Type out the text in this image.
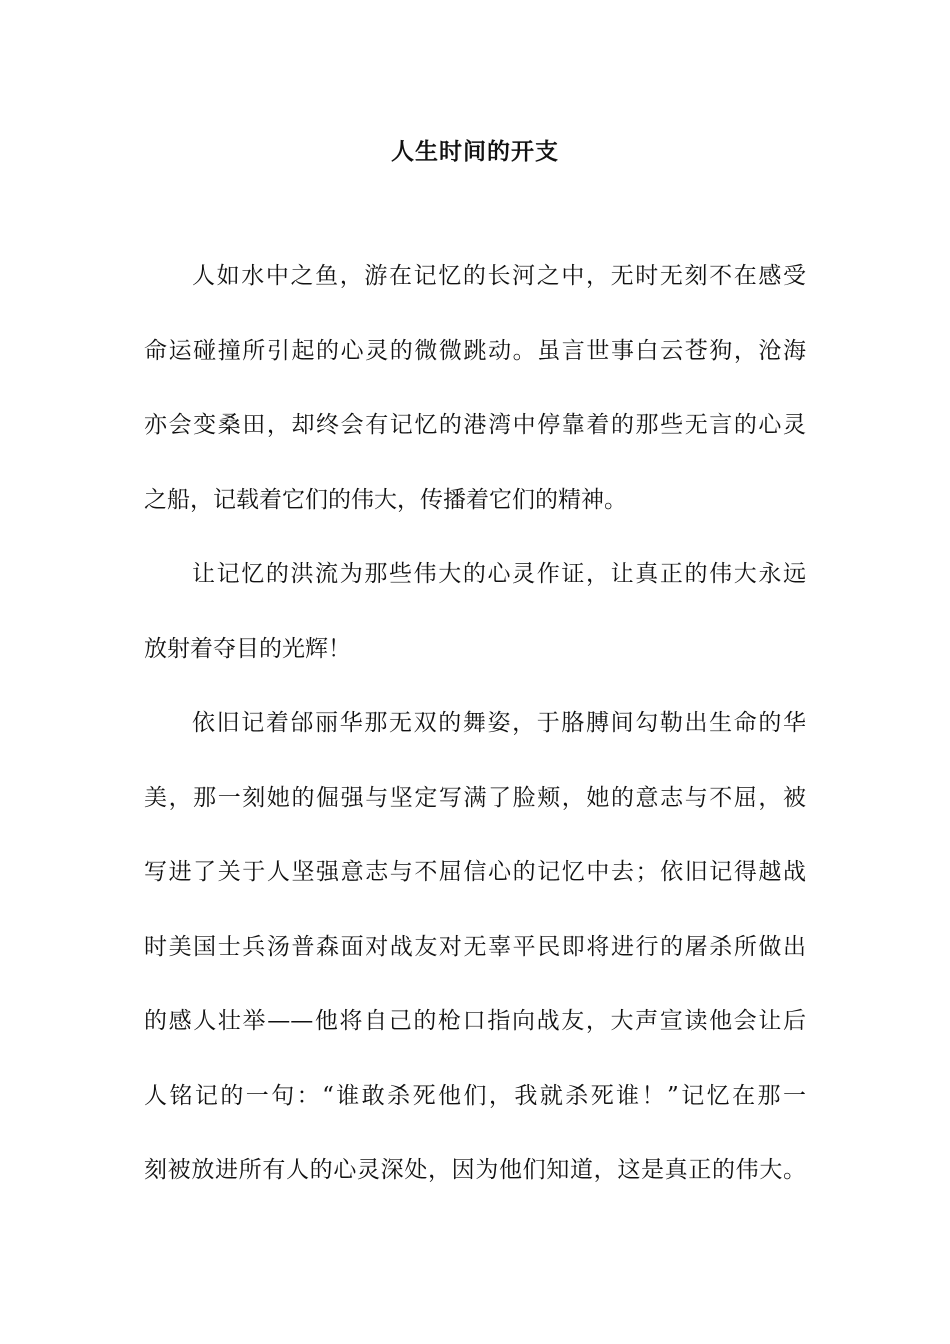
人生时间的开支
人如水中之鱼，游在记忆的长河之中，无时无刻不在感受
命运碰撞所引起的心灵的微微跳动。虽言世事白云苍狗，沧海
亦会变桑田，却终会有记忆的港湾中停靠着的那些无言的心灵
之船，记载着它们的伟大，传播着它们的精神。
让记忆的洪流为那些伟大的心灵作证，让真正的伟大永远
放射着夺目的光辉！
依旧记着邰丽华那无双的舞姿，于胳膊间勾勒出生命的华
美，那一刻她的倔强与坚定写满了脸颊，她的意志与不屈，被
写进了关于人坚强意志与不屈信心的记忆中去；依旧记得越战
时美国士兵汤普森面对战友对无辜平民即将进行的屠杀所做出
的感人壮举——他将自己的枪口指向战友，大声宣读他会让后
人铭记的一句：“谁敢杀死他们，我就杀死谁！”记忆在那一
刻被放进所有人的心灵深处，因为他们知道，这是真正的伟大。
